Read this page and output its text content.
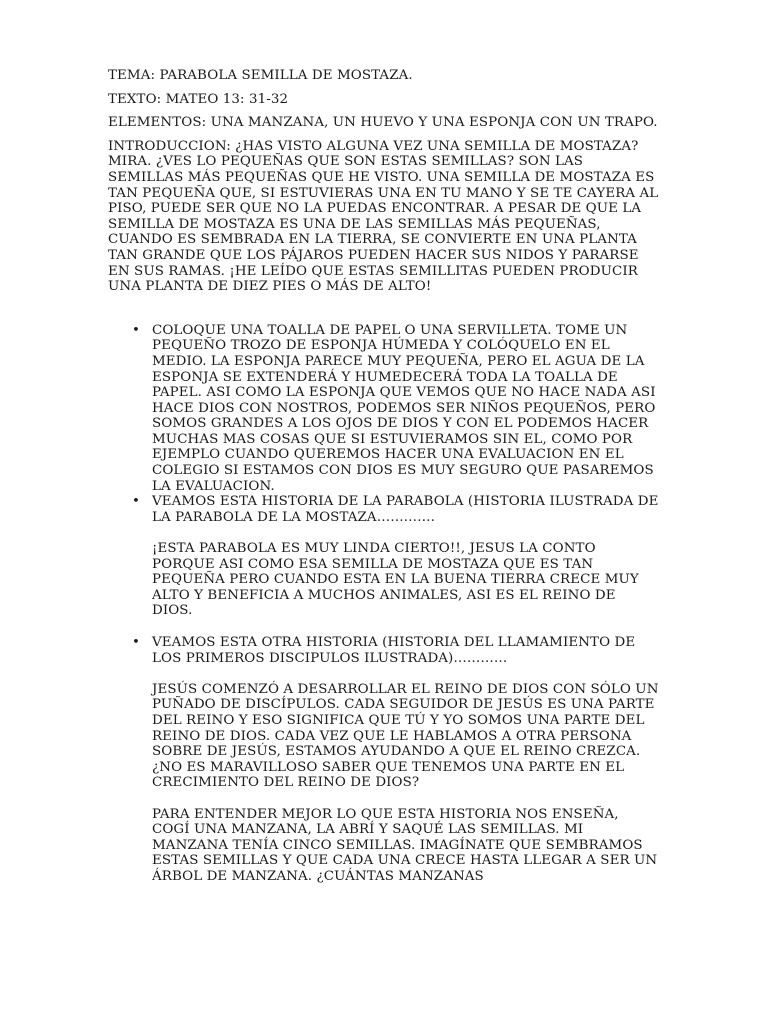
TEMA: PARABOLA SEMILLA DE MOSTAZA.

TEXTO: MATEO 13: 31-32

ELEMENTOS: UNA MANZANA, UN HUEVO Y UNA ESPONJA CON UN TRAPO.

INTRODUCCION: ¿HAS VISTO ALGUNA VEZ UNA SEMILLA DE MOSTAZA? MIRA. ¿VES LO PEQUEÑAS QUE SON ESTAS SEMILLAS? SON LAS SEMILLAS MÁS PEQUEÑAS QUE HE VISTO. UNA SEMILLA DE MOSTAZA ES TAN PEQUEÑA QUE, SI ESTUVIERAS UNA EN TU MANO Y SE TE CAYERA AL PISO, PUEDE SER QUE NO LA PUEDAS ENCONTRAR. A PESAR DE QUE LA SEMILLA DE MOSTAZA ES UNA DE LAS SEMILLAS MÁS PEQUEÑAS, CUANDO ES SEMBRADA EN LA TIERRA, SE CONVIERTE EN UNA PLANTA TAN GRANDE QUE LOS PÁJAROS PUEDEN HACER SUS NIDOS Y PARARSE EN SUS RAMAS. ¡HE LEÍDO QUE ESTAS SEMILLITAS PUEDEN PRODUCIR UNA PLANTA DE DIEZ PIES O MÁS DE ALTO!

• COLOQUE UNA TOALLA DE PAPEL O UNA SERVILLETA. TOME UN PEQUEÑO TROZO DE ESPONJA HÚMEDA Y COLÓQUELO EN EL MEDIO. LA ESPONJA PARECE MUY PEQUEÑA, PERO EL AGUA DE LA ESPONJA SE EXTENDERÁ Y HUMEDECERÁ TODA LA TOALLA DE PAPEL. ASI COMO LA ESPONJA QUE VEMOS QUE NO HACE NADA ASI HACE DIOS CON NOSTROS, PODEMOS SER NIÑOS PEQUEÑOS, PERO SOMOS GRANDES A LOS OJOS DE DIOS Y CON EL PODEMOS HACER MUCHAS MAS COSAS QUE SI ESTUVIERAMOS SIN EL, COMO POR EJEMPLO CUANDO QUEREMOS HACER UNA EVALUACION EN EL COLEGIO SI ESTAMOS CON DIOS ES MUY SEGURO QUE PASAREMOS LA EVALUACION.
• VEAMOS ESTA HISTORIA DE LA PARABOLA (HISTORIA ILUSTRADA DE LA PARABOLA DE LA MOSTAZA………….

¡ESTA PARABOLA ES MUY LINDA CIERTO!!, JESUS LA CONTO PORQUE ASI COMO ESA SEMILLA DE MOSTAZA QUE ES TAN PEQUEÑA PERO CUANDO ESTA EN LA BUENA TIERRA CRECE MUY ALTO Y BENEFICIA A MUCHOS ANIMALES, ASI ES EL REINO DE DIOS.

• VEAMOS ESTA OTRA HISTORIA (HISTORIA DEL LLAMAMIENTO DE LOS PRIMEROS DISCIPULOS ILUSTRADA)…………

JESÚS COMENZÓ A DESARROLLAR EL REINO DE DIOS CON SÓLO UN PUÑADO DE DISCÍPULOS. CADA SEGUIDOR DE JESÚS ES UNA PARTE DEL REINO Y ESO SIGNIFICA QUE TÚ Y YO SOMOS UNA PARTE DEL REINO DE DIOS. CADA VEZ QUE LE HABLAMOS A OTRA PERSONA SOBRE DE JESÚS, ESTAMOS AYUDANDO A QUE EL REINO CREZCA. ¿NO ES MARAVILLOSO SABER QUE TENEMOS UNA PARTE EN EL CRECIMIENTO DEL REINO DE DIOS?

PARA ENTENDER MEJOR LO QUE ESTA HISTORIA NOS ENSEÑA, COGÍ UNA MANZANA, LA ABRÍ Y SAQUÉ LAS SEMILLAS. MI MANZANA TENÍA CINCO SEMILLAS. IMAGÍNATE QUE SEMBRAMOS ESTAS SEMILLAS Y QUE CADA UNA CRECE HASTA LLEGAR A SER UN ÁRBOL DE MANZANA. ¿CUÁNTAS MANZANAS
